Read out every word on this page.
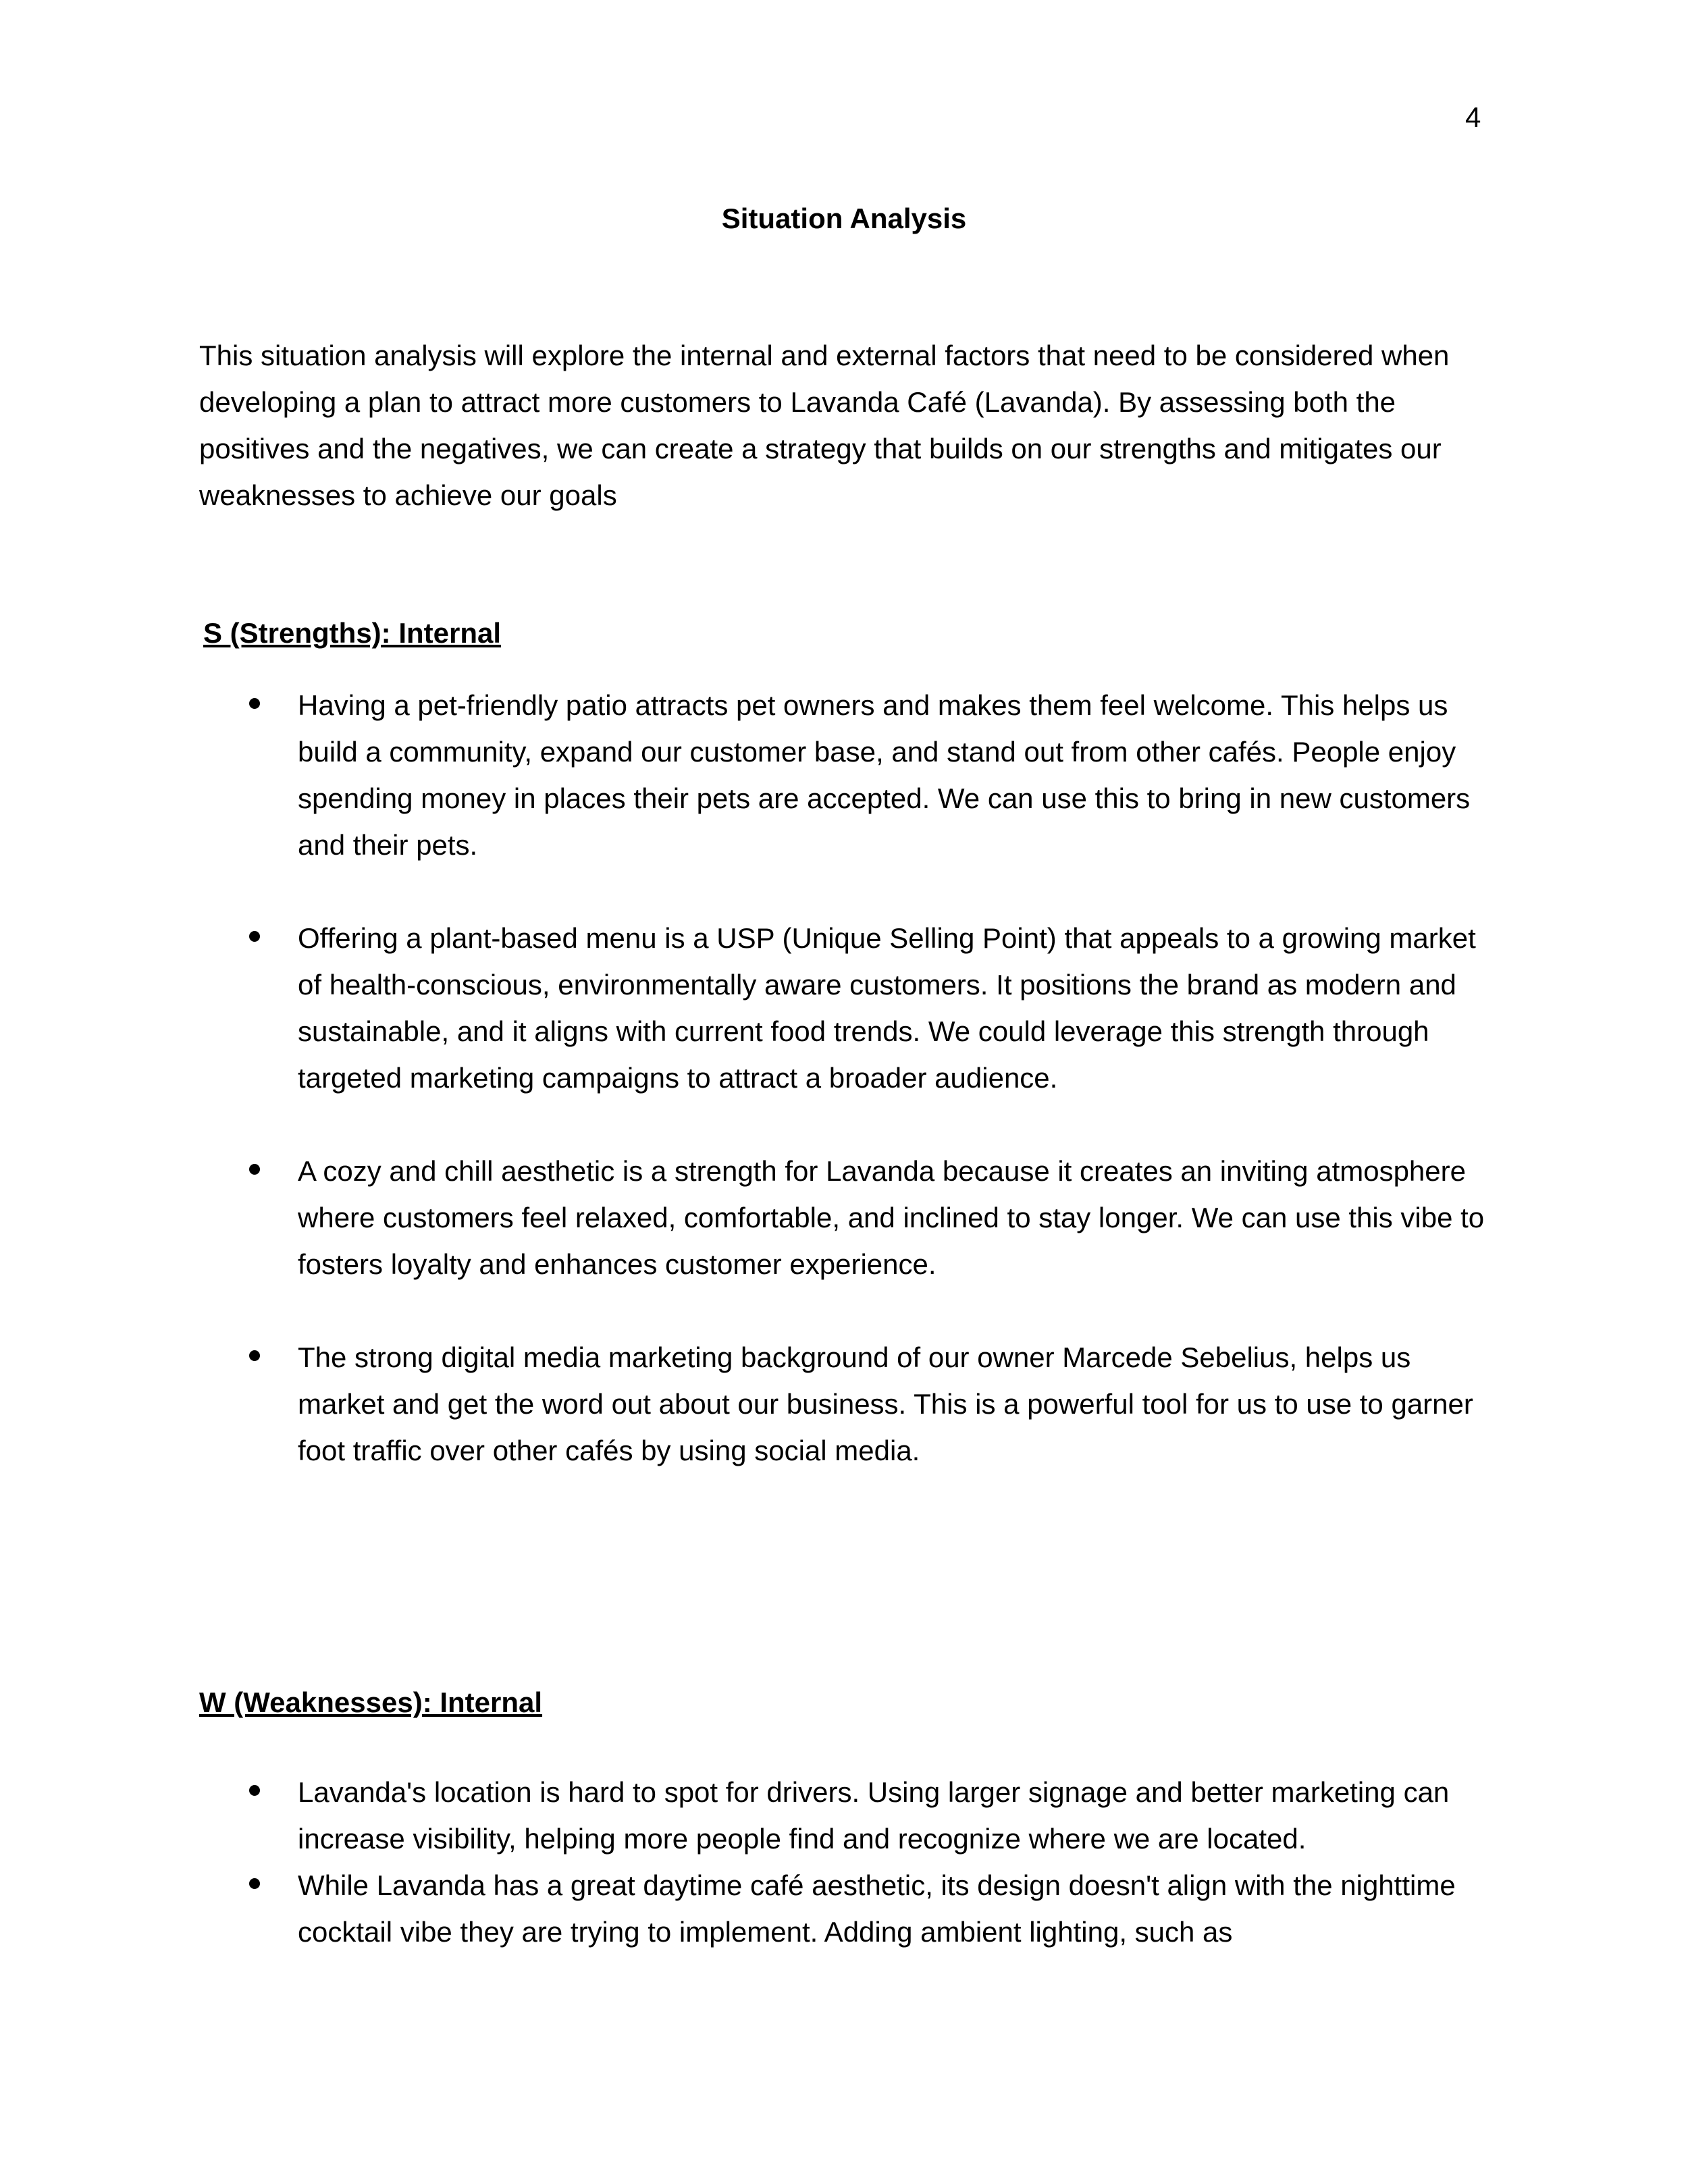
4
Situation Analysis

This situation analysis will explore the internal and external factors that need to be considered when developing a plan to attract more customers to Lavanda Café (Lavanda). By assessing both the positives and the negatives, we can create a strategy that builds on our strengths and mitigates our weaknesses to achieve our goals

S (Strengths): Internal
Having a pet-friendly patio attracts pet owners and makes them feel welcome. This helps us build a community, expand our customer base, and stand out from other cafés. People enjoy spending money in places their pets are accepted. We can use this to bring in new customers and their pets.
Offering a plant-based menu is a USP (Unique Selling Point) that appeals to a growing market of health-conscious, environmentally aware customers. It positions the brand as modern and sustainable, and it aligns with current food trends. We could leverage this strength through targeted marketing campaigns to attract a broader audience.
A cozy and chill aesthetic is a strength for Lavanda because it creates an inviting atmosphere where customers feel relaxed, comfortable, and inclined to stay longer. We can use this vibe to fosters loyalty and enhances customer experience.
The strong digital media marketing background of our owner Marcede Sebelius, helps us market and get the word out about our business. This is a powerful tool for us to use to garner foot traffic over other cafés by using social media.
W (Weaknesses): Internal
Lavanda's location is hard to spot for drivers. Using larger signage and better marketing can increase visibility, helping more people find and recognize where we are located.
While Lavanda has a great daytime café aesthetic, its design doesn't align with the nighttime cocktail vibe they are trying to implement. Adding ambient lighting, such as
